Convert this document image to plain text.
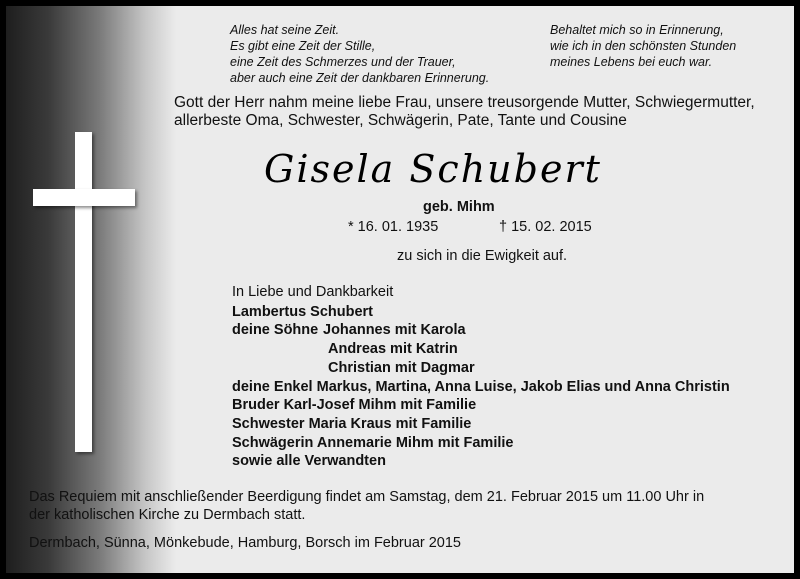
Alles hat seine Zeit.
Es gibt eine Zeit der Stille,
eine Zeit des Schmerzes und der Trauer,
aber auch eine Zeit der dankbaren Erinnerung.
Behaltet mich so in Erinnerung,
wie ich in den schönsten Stunden
meines Lebens bei euch war.
Gott der Herr nahm meine liebe Frau, unsere treusorgende Mutter, Schwiegermutter,
allerbeste Oma, Schwester, Schwägerin, Pate, Tante und Cousine
Gisela Schubert
geb. Mihm
* 16. 01. 1935	† 15. 02. 2015
zu sich in die Ewigkeit auf.
In Liebe und Dankbarkeit
Lambertus Schubert
deine Söhne Johannes mit Karola
Andreas mit Katrin
Christian mit Dagmar
deine Enkel Markus, Martina, Anna Luise, Jakob Elias und Anna Christin
Bruder Karl-Josef Mihm mit Familie
Schwester Maria Kraus mit Familie
Schwägerin Annemarie Mihm mit Familie
sowie alle Verwandten
Das Requiem mit anschließender Beerdigung findet am Samstag, dem 21. Februar 2015 um 11.00 Uhr in
der katholischen Kirche zu Dermbach statt.
Dermbach, Sünna, Mönkebude, Hamburg, Borsch im Februar 2015
